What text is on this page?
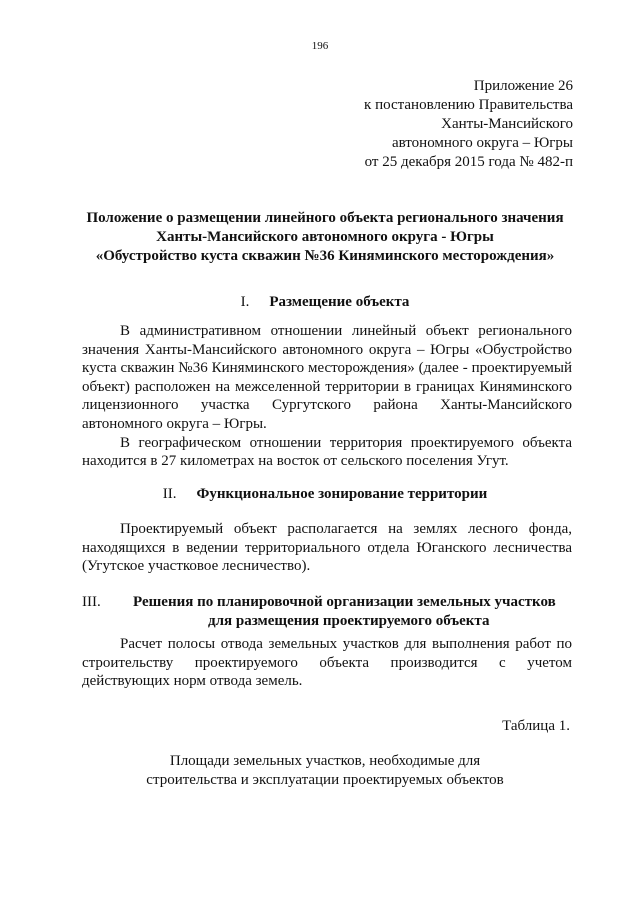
196
Приложение 26
к постановлению Правительства
Ханты-Мансийского
автономного округа – Югры
от 25 декабря 2015 года № 482-п
Положение о размещении линейного объекта регионального значения
Ханты-Мансийского автономного округа - Югры
«Обустройство куста скважин №36 Киняминского месторождения»
I. Размещение объекта

В административном отношении линейный объект регионального значения Ханты-Мансийского автономного округа – Югры «Обустройство куста скважин №36 Киняминского месторождения» (далее - проектируемый объект) расположен на межселенной территории в границах Киняминского лицензионного участка Сургутского района Ханты-Мансийского автономного округа – Югры.

В географическом отношении территория проектируемого объекта находится в 27 километрах на восток от сельского поселения Угут.

II. Функциональное зонирование территории

Проектируемый объект располагается на землях лесного фонда, находящихся в ведении территориального отдела Юганского лесничества (Угутское участковое лесничество).

III. Решения по планировочной организации земельных участков
для размещения проектируемого объекта

Расчет полосы отвода земельных участков для выполнения работ по строительству проектируемого объекта производится с учетом действующих норм отвода земель.

Таблица 1.
Площади земельных участков, необходимые для
строительства и эксплуатации проектируемых объектов
